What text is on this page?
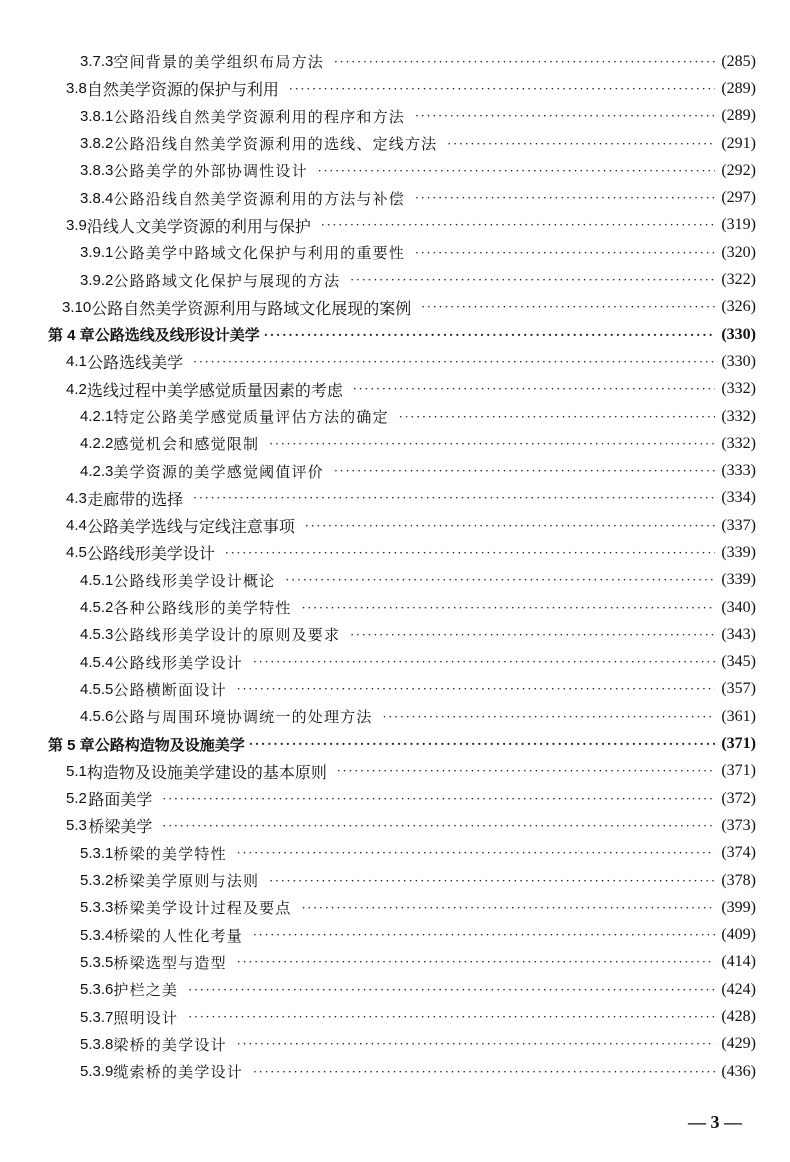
3.7.3 空间背景的美学组织布局方法 ·····	(285)
3.8 自然美学资源的保护与利用 ·····	(289)
3.8.1 公路沿线自然美学资源利用的程序和方法 ·····	(289)
3.8.2 公路沿线自然美学资源利用的选线、定线方法 ·····	(291)
3.8.3 公路美学的外部协调性设计 ·····	(292)
3.8.4 公路沿线自然美学资源利用的方法与补偿 ·····	(297)
3.9 沿线人文美学资源的利用与保护 ·····	(319)
3.9.1 公路美学中路域文化保护与利用的重要性 ·····	(320)
3.9.2 公路路域文化保护与展现的方法 ·····	(322)
3.10 公路自然美学资源利用与路域文化展现的案例 ·····	(326)
第 4 章 公路选线及线形设计美学 ·····	(330)
4.1 公路选线美学 ·····	(330)
4.2 选线过程中美学感觉质量因素的考虑 ·····	(332)
4.2.1 特定公路美学感觉质量评估方法的确定 ·····	(332)
4.2.2 感觉机会和感觉限制 ·····	(332)
4.2.3 美学资源的美学感觉阈值评价 ·····	(333)
4.3 走廊带的选择 ·····	(334)
4.4 公路美学选线与定线注意事项 ·····	(337)
4.5 公路线形美学设计 ·····	(339)
4.5.1 公路线形美学设计概论 ·····	(339)
4.5.2 各种公路线形的美学特性 ·····	(340)
4.5.3 公路线形美学设计的原则及要求 ·····	(343)
4.5.4 公路线形美学设计 ·····	(345)
4.5.5 公路横断面设计 ·····	(357)
4.5.6 公路与周围环境协调统一的处理方法 ·····	(361)
第 5 章 公路构造物及设施美学 ·····	(371)
5.1 构造物及设施美学建设的基本原则 ·····	(371)
5.2 路面美学 ·····	(372)
5.3 桥梁美学 ·····	(373)
5.3.1 桥梁的美学特性 ·····	(374)
5.3.2 桥梁美学原则与法则 ·····	(378)
5.3.3 桥梁美学设计过程及要点 ·····	(399)
5.3.4 桥梁的人性化考量 ·····	(409)
5.3.5 桥梁选型与造型 ·····	(414)
5.3.6 护栏之美 ·····	(424)
5.3.7 照明设计 ·····	(428)
5.3.8 梁桥的美学设计 ·····	(429)
5.3.9 缆索桥的美学设计 ·····	(436)
— 3 —
